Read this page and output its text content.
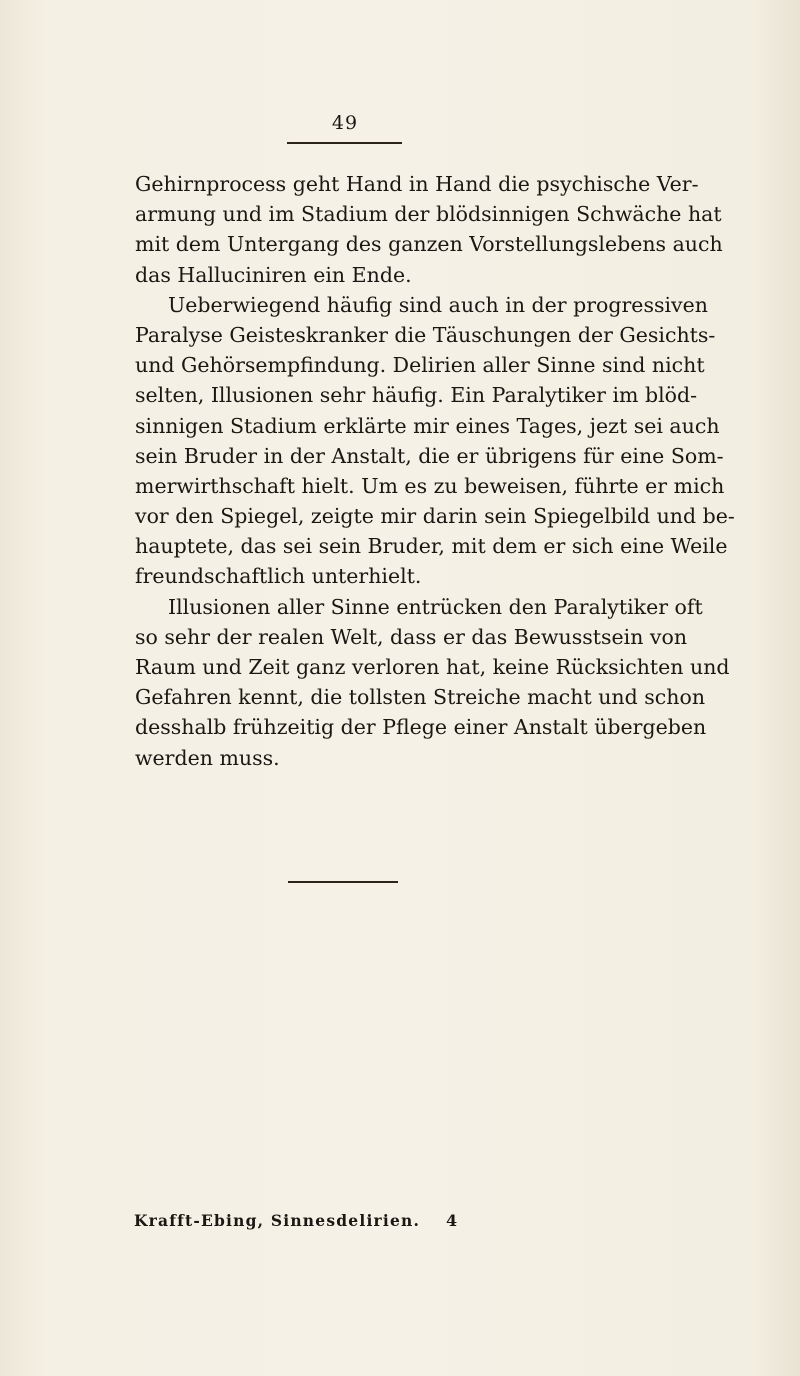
49
Gehirnprocess geht Hand in Hand die psychische Ver-
armung und im Stadium der blödsinnigen Schwäche hat
mit dem Untergang des ganzen Vorstellungslebens auch
das Halluciniren ein Ende.
Ueberwiegend häufig sind auch in der progressiven
Paralyse Geisteskranker die Täuschungen der Gesichts-
und Gehörsempfindung. Delirien aller Sinne sind nicht
selten, Illusionen sehr häufig. Ein Paralytiker im blöd-
sinnigen Stadium erklärte mir eines Tages, jezt sei auch
sein Bruder in der Anstalt, die er übrigens für eine Som-
merwirthschaft hielt. Um es zu beweisen, führte er mich
vor den Spiegel, zeigte mir darin sein Spiegelbild und be-
hauptete, das sei sein Bruder, mit dem er sich eine Weile
freundschaftlich unterhielt.
Illusionen aller Sinne entrücken den Paralytiker oft
so sehr der realen Welt, dass er das Bewusstsein von
Raum und Zeit ganz verloren hat, keine Rücksichten und
Gefahren kennt, die tollsten Streiche macht und schon
desshalb frühzeitig der Pflege einer Anstalt übergeben
werden muss.
Krafft-Ebing, Sinnesdelirien. 4
